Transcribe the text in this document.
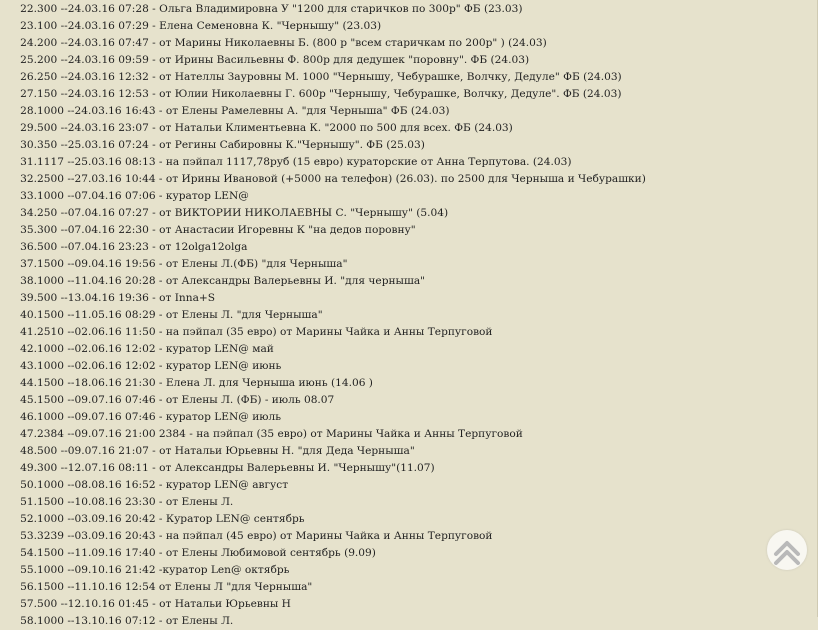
22. 300 --24.03.16 07:28 - Ольга Владимировна У "1200 для старичков по 300р" ФБ (23.03)
23. 100 --24.03.16 07:29 - Елена Семеновна К. "Чернышу" (23.03)
24. 200 --24.03.16 07:47 - от Марины Николаевны Б. (800 р "всем старичкам по 200р" ) (24.03)
25. 200 --24.03.16 09:59 - от Ирины Васильевны Ф. 800р для дедушек "поровну". ФБ (24.03)
26. 250 --24.03.16 12:32 - от Нателлы Зауровны М. 1000 "Чернышу, Чебурашке, Волчку, Дедуле" ФБ (24.03)
27. 150 --24.03.16 12:53 - от Юлии Николаевны Г. 600р "Чернышу, Чебурашке, Волчку, Дедуле". ФБ (24.03)
28. 1000 --24.03.16 16:43 - от Елены Рамелевны А. "для Черныша" ФБ (24.03)
29. 500 --24.03.16 23:07 - от Натальи Климентьевна К. "2000 по 500 для всех. ФБ (24.03)
30. 350 --25.03.16 07:24 - от Регины Сабировны К."Чернышу". ФБ (25.03)
31. 1117 --25.03.16 08:13 - на пэйпал 1117,78руб (15 евро) кураторские от Анна Терпутова. (24.03)
32. 2500 --27.03.16 10:44 - от Ирины Ивановой (+5000 на телефон) (26.03). по 2500 для Черныша и Чебурашки)
33. 1000 --07.04.16 07:06 - куратор LEN@
34. 250 --07.04.16 07:27 - от ВИКТОРИИ НИКОЛАЕВНЫ С. "Чернышу" (5.04)
35. 300 --07.04.16 22:30 - от Анастасии Игоревны К "на дедов поровну"
36. 500 --07.04.16 23:23 - от 12olga12olga
37. 1500 --09.04.16 19:56 - от Елены Л.(ФБ) "для Черныша"
38. 1000 --11.04.16 20:28 - от Александры Валерьевны И. "для черныша"
39. 500 --13.04.16 19:36 - от Inna+S
40. 1500 --11.05.16 08:29 - от Елены Л. "для Черныша"
41. 2510 --02.06.16 11:50 - на пэйпал (35 евро) от Марины Чайка и Анны Терпуговой
42. 1000 --02.06.16 12:02 - куратор LEN@ май
43. 1000 --02.06.16 12:02 - куратор LEN@ июнь
44. 1500 --18.06.16 21:30 - Елена Л. для Черныша июнь (14.06 )
45. 1500 --09.07.16 07:46 - от Елены Л. (ФБ) - июль 08.07
46. 1000 --09.07.16 07:46 - куратор LEN@ июль
47. 2384 --09.07.16 21:00 2384 - на пэйпал (35 евро) от Марины Чайка и Анны Терпуговой
48. 500 --09.07.16 21:07 - от Натальи Юрьевны Н. "для Деда Черныша"
49. 300 --12.07.16 08:11 - от Александры Валерьевны И. "Чернышу"(11.07)
50. 1000 --08.08.16 16:52 - куратор LEN@ август
51. 1500 --10.08.16 23:30 - от Елены Л.
52. 1000 --03.09.16 20:42 - Куратор LEN@ сентябрь
53. 3239 --03.09.16 20:43 - на пэйпал (45 евро) от Марины Чайка и Анны Терпуговой
54. 1500 --11.09.16 17:40 - от Елены Любимовой сентябрь (9.09)
55. 1000 --09.10.16 21:42 -куратор Len@ октябрь
56. 1500 --11.10.16 12:54 от Елены Л "для Черныша"
57. 500 --12.10.16 01:45 - от Натальи Юрьевны Н
58. 1000 --13.10.16 07:12 - от Елены Л.
